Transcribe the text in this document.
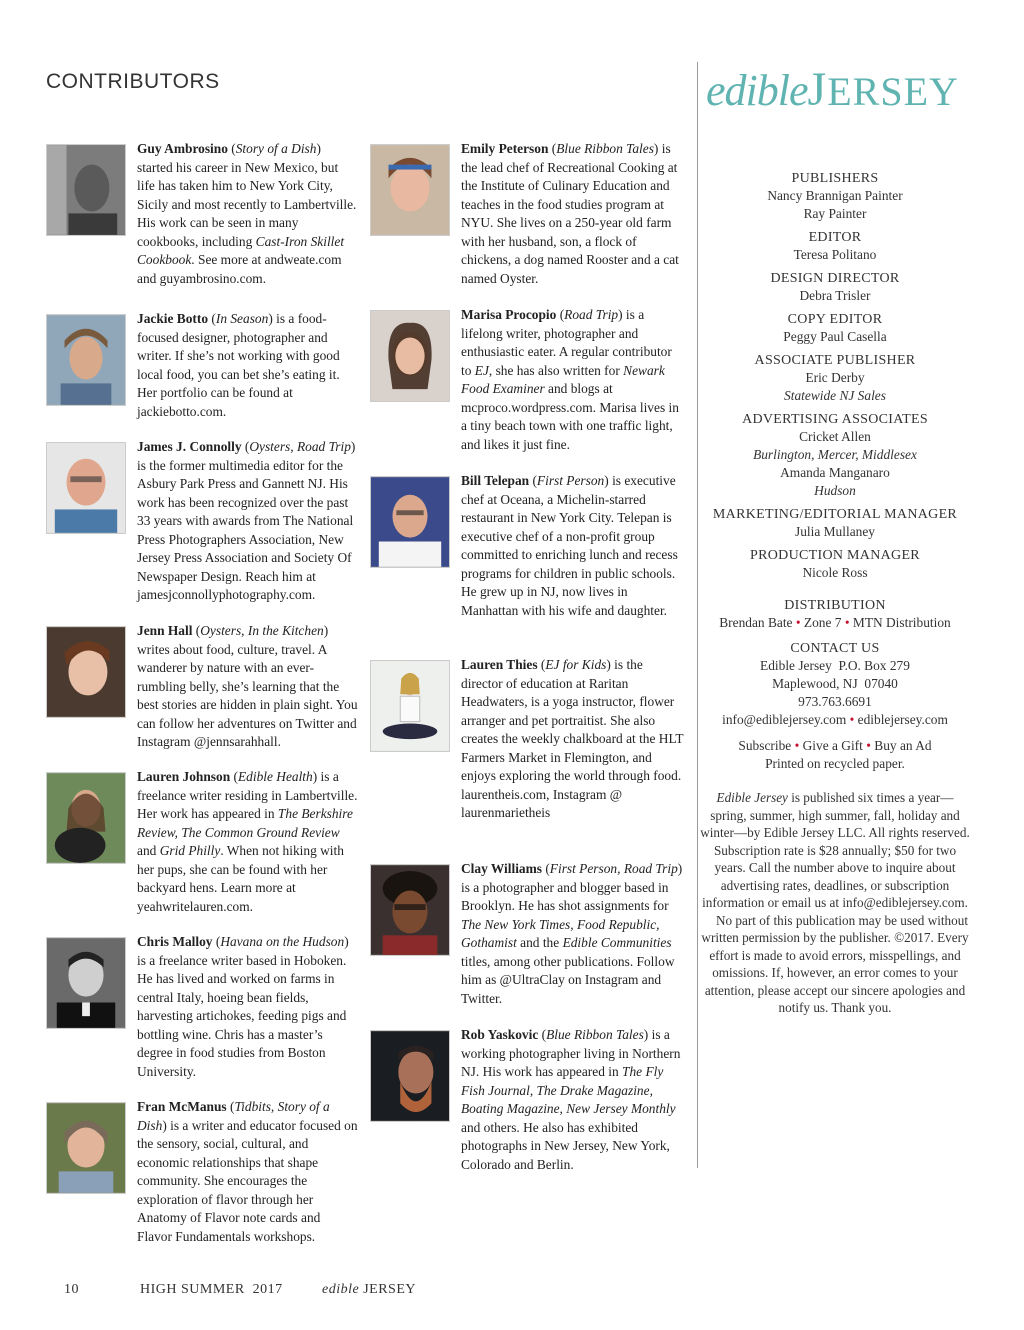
CONTRIBUTORS	edibleJERSEY

Guy Ambrosino (Story of a Dish) started his career in New Mexico, but life has taken him to New York City, Sicily and most recently to Lambertville. His work can be seen in many cookbooks, including Cast-Iron Skillet Cookbook. See more at andweate.com and guyambrosino.com.

Jackie Botto (In Season) is a food-focused designer, photographer and writer. If she’s not working with good local food, you can bet she’s eating it. Her portfolio can be found at jackiebotto.com.

James J. Connolly (Oysters, Road Trip) is the former multimedia editor for the Asbury Park Press and Gannett NJ. His work has been recognized over the past 33 years with awards from The National Press Photographers Association, New Jersey Press Association and Society Of Newspaper Design. Reach him at jamesjconnollyphotography.com.

Jenn Hall (Oysters, In the Kitchen) writes about food, culture, travel. A wanderer by nature with an ever-rumbling belly, she’s learning that the best stories are hidden in plain sight. You can follow her adventures on Twitter and Instagram @jennsarahhall.

Lauren Johnson (Edible Health) is a freelance writer residing in Lambertville. Her work has appeared in The Berkshire Review, The Common Ground Review and Grid Philly. When not hiking with her pups, she can be found with her backyard hens. Learn more at yeahwritelauren.com.

Chris Malloy (Havana on the Hudson) is a freelance writer based in Hoboken. He has lived and worked on farms in central Italy, hoeing bean fields, harvesting artichokes, feeding pigs and bottling wine. Chris has a master’s degree in food studies from Boston University.

Fran McManus (Tidbits, Story of a Dish) is a writer and educator focused on the sensory, social, cultural, and economic relationships that shape community. She encourages the exploration of flavor through her Anatomy of Flavor note cards and Flavor Fundamentals workshops.

Emily Peterson (Blue Ribbon Tales) is the lead chef of Recreational Cooking at the Institute of Culinary Education and teaches in the food studies program at NYU. She lives on a 250-year old farm with her husband, son, a flock of chickens, a dog named Rooster and a cat named Oyster.

Marisa Procopio (Road Trip) is a lifelong writer, photographer and enthusiastic eater. A regular contributor to EJ, she has also written for Newark Food Examiner and blogs at mcproco.wordpress.com. Marisa lives in a tiny beach town with one traffic light, and likes it just fine.

Bill Telepan (First Person) is executive chef at Oceana, a Michelin-starred restaurant in New York City. Telepan is executive chef of a non-profit group committed to enriching lunch and recess programs for children in public schools. He grew up in NJ, now lives in Manhattan with his wife and daughter.

Lauren Thies (EJ for Kids) is the director of education at Raritan Headwaters, is a yoga instructor, flower arranger and pet portraitist. She also creates the weekly chalkboard at the HLT Farmers Market in Flemington, and enjoys exploring the world through food. laurentheis.com, Instagram @ laurenmarietheis

Clay Williams (First Person, Road Trip) is a photographer and blogger based in Brooklyn. He has shot assignments for The New York Times, Food Republic, Gothamist and the Edible Communities titles, among other publications. Follow him as @UltraClay on Instagram and Twitter.

Rob Yaskovic (Blue Ribbon Tales) is a working photographer living in Northern NJ. His work has appeared in The Fly Fish Journal, The Drake Magazine, Boating Magazine, New Jersey Monthly and others. He also has exhibited photographs in New Jersey, New York, Colorado and Berlin.

PUBLISHERS
Nancy Brannigan Painter
Ray Painter
EDITOR
Teresa Politano
DESIGN DIRECTOR
Debra Trisler
COPY EDITOR
Peggy Paul Casella
ASSOCIATE PUBLISHER
Eric Derby
Statewide NJ Sales
ADVERTISING ASSOCIATES
Cricket Allen
Burlington, Mercer, Middlesex
Amanda Manganaro
Hudson
MARKETING/EDITORIAL MANAGER
Julia Mullaney
PRODUCTION MANAGER
Nicole Ross
DISTRIBUTION
Brendan Bate • Zone 7 • MTN Distribution
CONTACT US
Edible Jersey  P.O. Box 279
Maplewood, NJ  07040
973.763.6691
info@ediblejersey.com • ediblejersey.com
Subscribe • Give a Gift • Buy an Ad
Printed on recycled paper.

Edible Jersey is published six times a year—spring, summer, high summer, fall, holiday and winter—by Edible Jersey LLC. All rights reserved. Subscription rate is $28 annually; $50 for two years. Call the number above to inquire about advertising rates, deadlines, or subscription information or email us at info@ediblejersey.com.

No part of this publication may be used without written permission by the publisher. ©2017. Every effort is made to avoid errors, misspellings, and omissions. If, however, an error comes to your attention, please accept our sincere apologies and notify us. Thank you.

10	HIGH SUMMER  2017	edible JERSEY
